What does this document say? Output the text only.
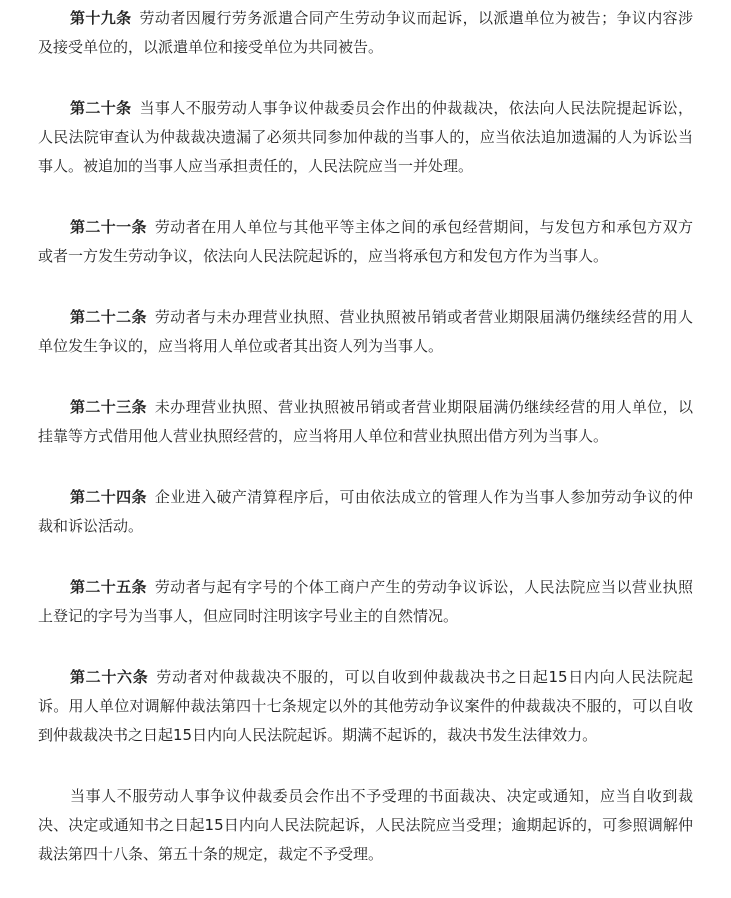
第十九条 劳动者因履行劳务派遣合同产生劳动争议而起诉，以派遣单位为被告；争议内容涉及接受单位的，以派遣单位和接受单位为共同被告。

第二十条 当事人不服劳动人事争议仲裁委员会作出的仲裁裁决，依法向人民法院提起诉讼，人民法院审查认为仲裁裁决遗漏了必须共同参加仲裁的当事人的，应当依法追加遗漏的人为诉讼当事人。被追加的当事人应当承担责任的，人民法院应当一并处理。

第二十一条 劳动者在用人单位与其他平等主体之间的承包经营期间，与发包方和承包方双方或者一方发生劳动争议，依法向人民法院起诉的，应当将承包方和发包方作为当事人。

第二十二条 劳动者与未办理营业执照、营业执照被吊销或者营业期限届满仍继续经营的用人单位发生争议的，应当将用人单位或者其出资人列为当事人。

第二十三条 未办理营业执照、营业执照被吊销或者营业期限届满仍继续经营的用人单位，以挂靠等方式借用他人营业执照经营的，应当将用人单位和营业执照出借方列为当事人。

第二十四条 企业进入破产清算程序后，可由依法成立的管理人作为当事人参加劳动争议的仲裁和诉讼活动。

第二十五条 劳动者与起有字号的个体工商户产生的劳动争议诉讼，人民法院应当以营业执照上登记的字号为当事人，但应同时注明该字号业主的自然情况。

第二十六条 劳动者对仲裁裁决不服的，可以自收到仲裁裁决书之日起15日内向人民法院起诉。用人单位对调解仲裁法第四十七条规定以外的其他劳动争议案件的仲裁裁决不服的，可以自收到仲裁裁决书之日起15日内向人民法院起诉。期满不起诉的，裁决书发生法律效力。

当事人不服劳动人事争议仲裁委员会作出不予受理的书面裁决、决定或通知，应当自收到裁决、决定或通知书之日起15日内向人民法院起诉，人民法院应当受理；逾期起诉的，可参照调解仲裁法第四十八条、第五十条的规定，裁定不予受理。
